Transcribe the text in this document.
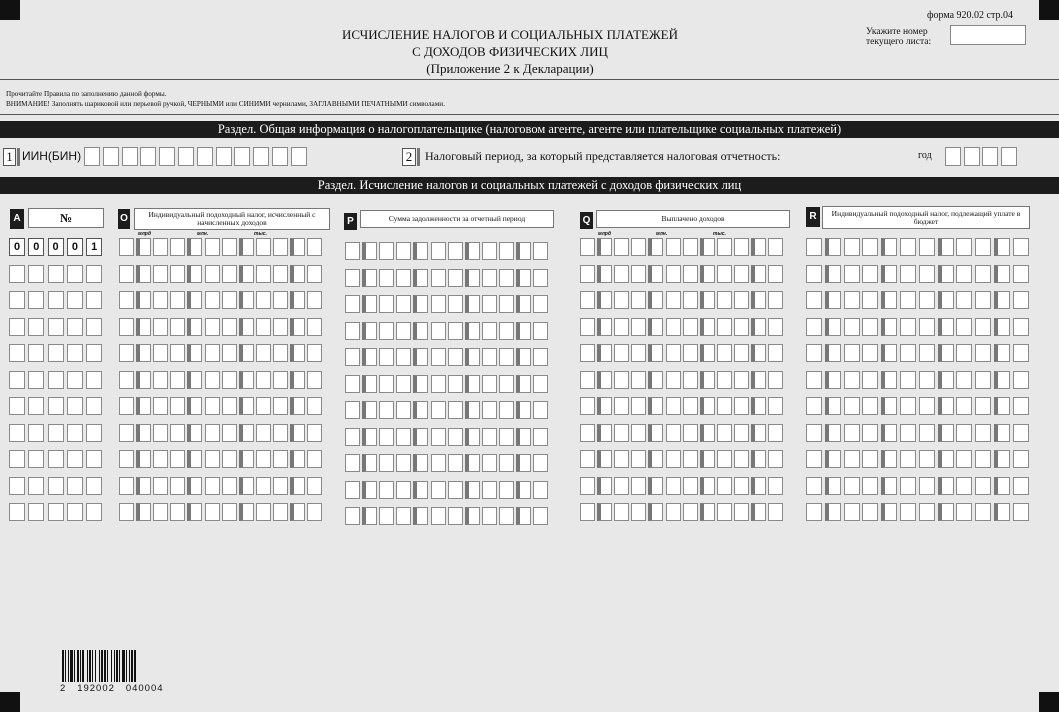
форма 920.02 стр.04
ИСЧИСЛЕНИЕ НАЛОГОВ И СОЦИАЛЬНЫХ ПЛАТЕЖЕЙ
С ДОХОДОВ ФИЗИЧЕСКИХ ЛИЦ
(Приложение 2 к Декларации)
Укажите номер
текущего листа:
Прочитайте Правила по заполнению данной формы.
ВНИМАНИЕ! Заполнять шариковой или перьевой ручкой, ЧЕРНЫМИ или СИНИМИ чернилами, ЗАГЛАВНЫМИ ПЕЧАТНЫМИ символами.
Раздел. Общая информация о налогоплательщике (налоговом агенте, агенте или плательщике социальных платежей)
1 ИИН(БИН)	2	Налоговый период, за который представляется налоговая отчетность:	год
Раздел. Исчисление налогов и социальных платежей с доходов физических лиц
A	№	O	Индивидуальный подоходный налог, исчисленный с начисленных доходов	P	Сумма задолженности за отчетный период	Q	Выплачено доходов	R	Индивидуальный подоходный налог, подлежащий уплате в бюджет
млрд	млн.	тыс.	млрд	млн.	тыс.
0	0	0	0	1
2   192002   040004
